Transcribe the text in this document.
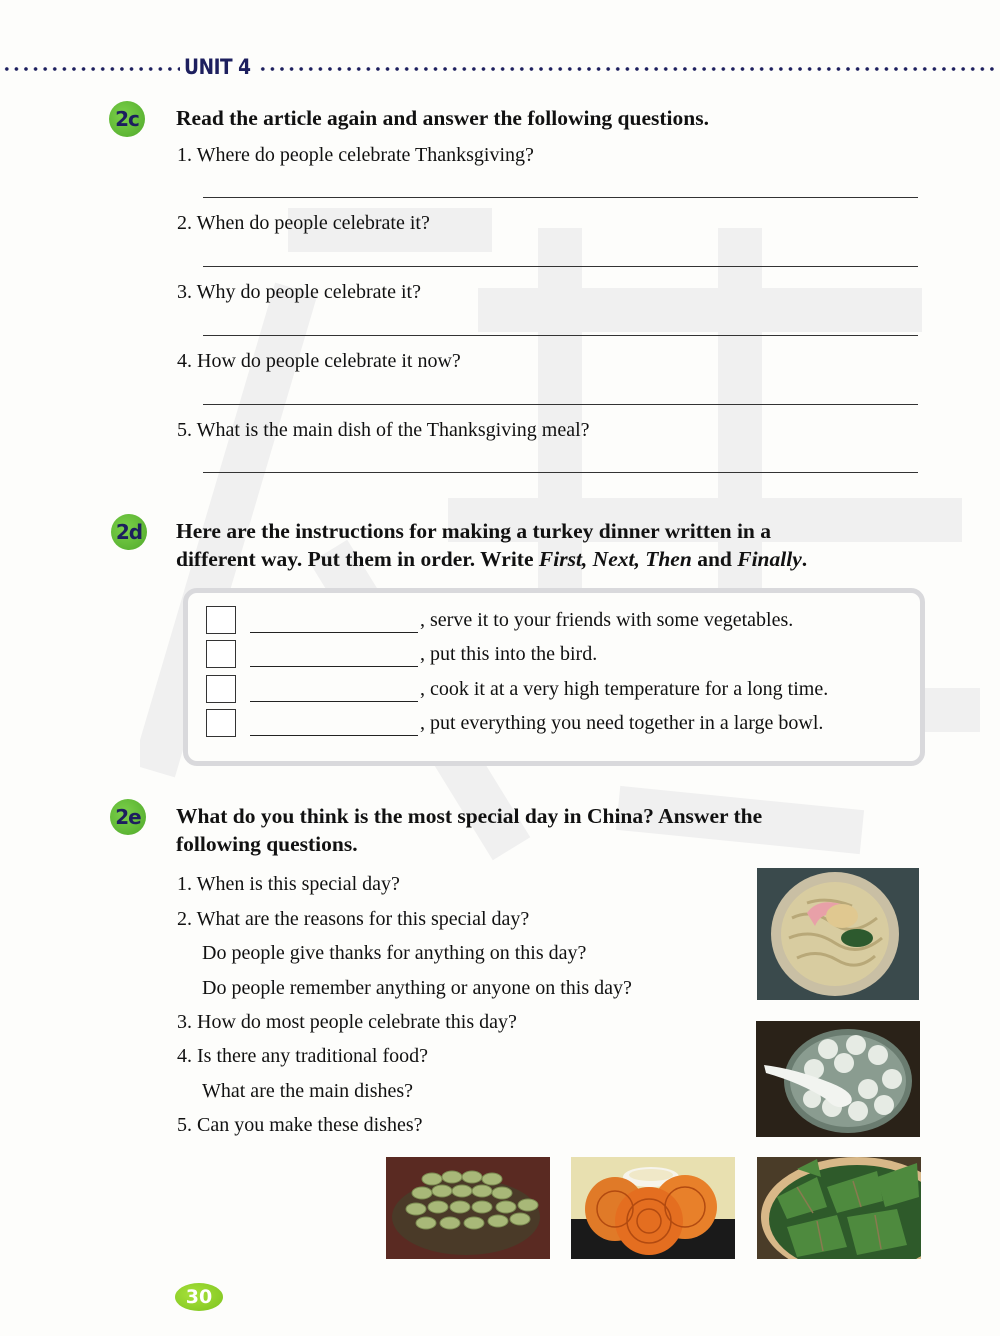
UNIT 4
2c Read the article again and answer the following questions.
1. Where do people celebrate Thanksgiving?
2. When do people celebrate it?
3. Why do people celebrate it?
4. How do people celebrate it now?
5. What is the main dish of the Thanksgiving meal?
2d Here are the instructions for making a turkey dinner written in a
different way. Put them in order. Write First, Next, Then and Finally.
, serve it to your friends with some vegetables.
, put this into the bird.
, cook it at a very high temperature for a long time.
, put everything you need together in a large bowl.
2e What do you think is the most special day in China? Answer the
following questions.
1. When is this special day?
2. What are the reasons for this special day?
Do people give thanks for anything on this day?
Do people remember anything or anyone on this day?
3. How do most people celebrate this day?
4. Is there any traditional food?
What are the main dishes?
5. Can you make these dishes?
30
